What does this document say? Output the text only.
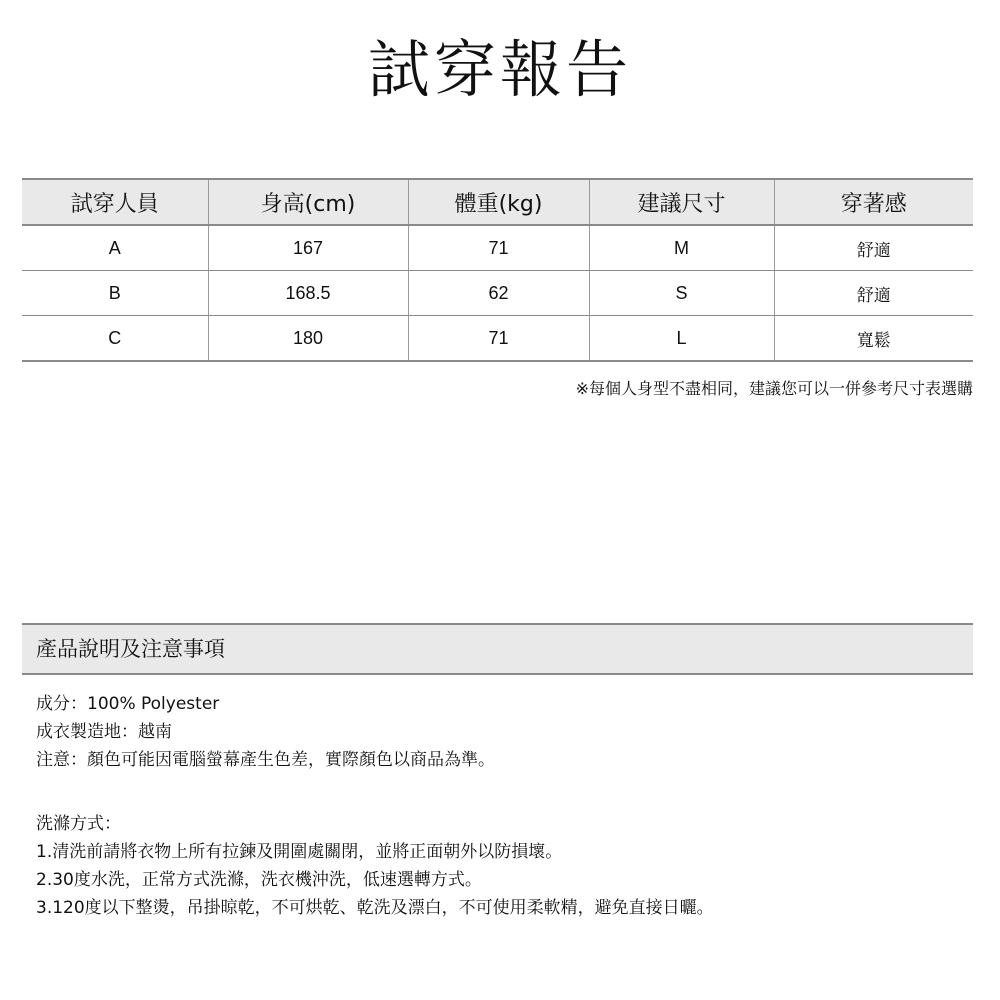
試穿報告
試穿人員	身高(cm)	體重(kg)	建議尺寸	穿著感
A	167	71	M	舒適
B	168.5	62	S	舒適
C	180	71	L	寬鬆
※每個人身型不盡相同，建議您可以一併參考尺寸表選購
產品說明及注意事項
成分：100% Polyester
成衣製造地：越南
注意：顏色可能因電腦螢幕產生色差，實際顏色以商品為準。
洗滌方式：
1.清洗前請將衣物上所有拉鍊及開圍處關閉，並將正面朝外以防損壞。
2.30度水洗，正常方式洗滌，洗衣機沖洗，低速選轉方式。
3.120度以下整燙，吊掛晾乾，不可烘乾、乾洗及漂白，不可使用柔軟精，避免直接日曬。
